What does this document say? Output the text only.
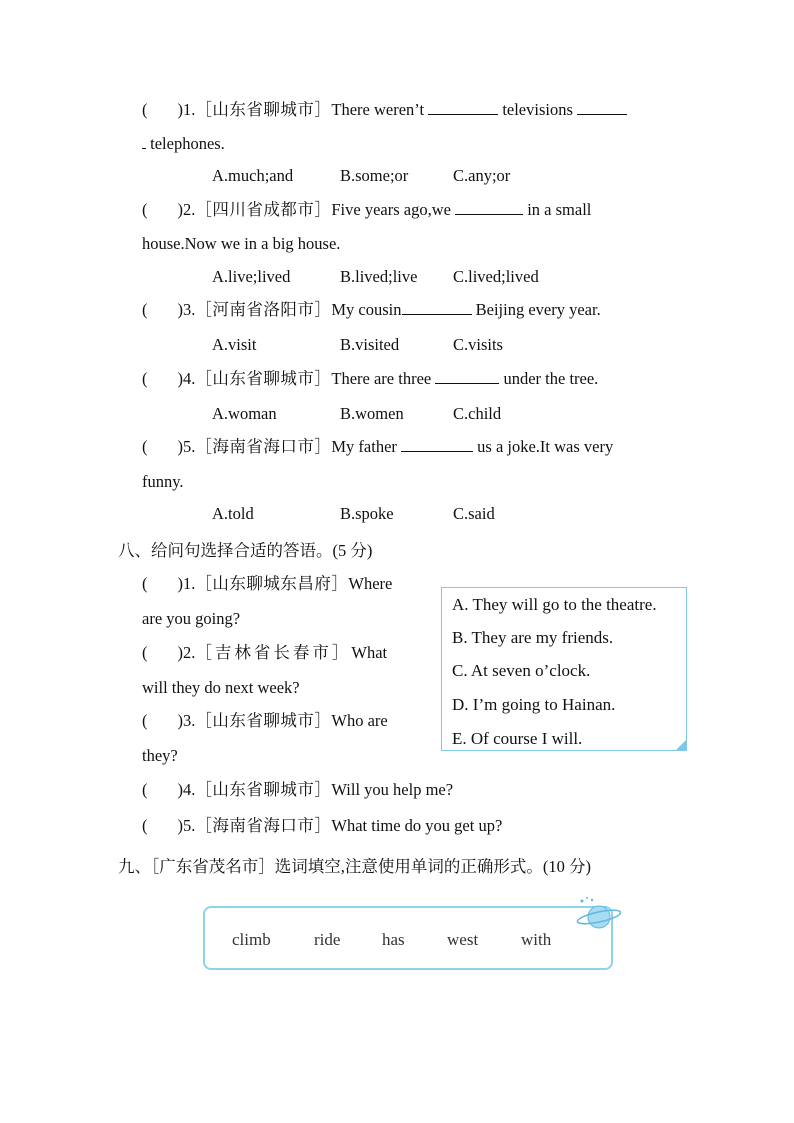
( )1.［山东省聊城市］There weren’t	televisions
telephones.
A.much;and	B.some;or	C.any;or
( )2.［四川省成都市］Five years ago,we	in a small
house.Now we in a big house.
A.live;lived	B.lived;live C.lived;lived
( )3.［河南省洛阳市］My cousin	Beijing every year.
A.visit	B.visited	C.visits
( )4.［山东省聊城市］There are three	under the tree.
A.woman	B.women	C.child
( )5.［海南省海口市］My father	us a joke.It was very
funny.
A.told	B.spoke	C.said
八、给问句选择合适的答语。(5 分)
( )1.［山东聊城东昌府］Where
are you going?
( )2.［吉林省长春市］What
will they do next week?
( )3.［山东省聊城市］Who are
they?
( )4.［山东省聊城市］Will you help me?
( )5.［海南省海口市］What time do you get up?
A. They will go to the theatre.
B. They are my friends.
C. At seven o’clock.
D. I’m going to Hainan.
E. Of course I will.
九、［广东省茂名市］选词填空,注意使用单词的正确形式。(10 分)
climb	ride has west	with
